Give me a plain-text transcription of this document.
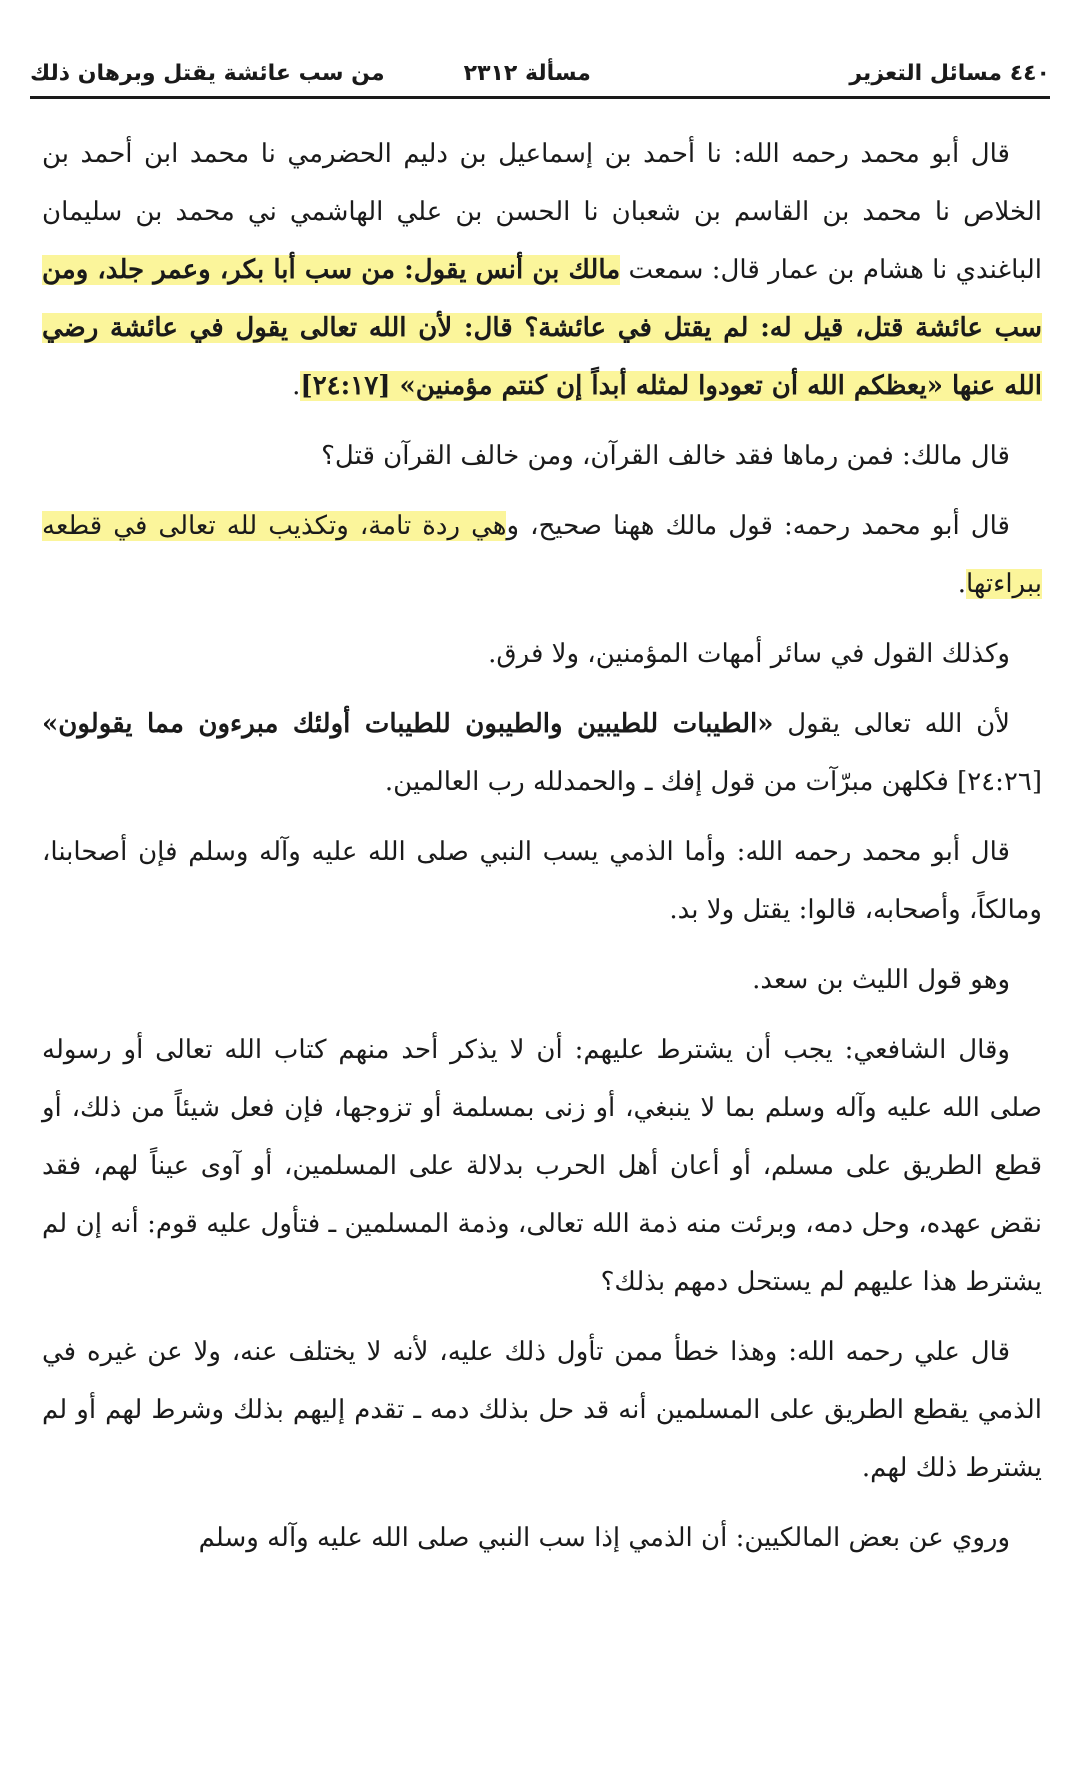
من سب عائشة يقتل وبرهان ذلك	مسألة ٢٣١٢	٤٤٠ مسائل التعزير

قال أبو محمد رحمه الله: نا أحمد بن إسماعيل بن دليم الحضرمي نا محمد ابن أحمد بن الخلاص نا محمد بن القاسم بن شعبان نا الحسن بن علي الهاشمي ني محمد بن سليمان الباغندي نا هشام بن عمار قال: سمعت مالك بن أنس يقول: من سب أبا بكر، وعمر جلد، ومن سب عائشة قتل، قيل له: لم يقتل في عائشة؟ قال: لأن الله تعالى يقول في عائشة رضي الله عنها «يعظكم الله أن تعودوا لمثله أبداً إن كنتم مؤمنين» [٢٤:١٧].

قال مالك: فمن رماها فقد خالف القرآن، ومن خالف القرآن قتل؟

قال أبو محمد رحمه: قول مالك ههنا صحيح، وهي ردة تامة، وتكذيب لله تعالى في قطعه ببراءتها.

وكذلك القول في سائر أمهات المؤمنين، ولا فرق.

لأن الله تعالى يقول «الطيبات للطيبين والطيبون للطيبات أولئك مبرءون مما يقولون» [٢٤:٢٦] فكلهن مبرّآت من قول إفك ـ والحمدلله رب العالمين.

قال أبو محمد رحمه الله: وأما الذمي يسب النبي صلى الله عليه وآله وسلم فإن أصحابنا، ومالكاً، وأصحابه، قالوا: يقتل ولا بد.

وهو قول الليث بن سعد.

وقال الشافعي: يجب أن يشترط عليهم: أن لا يذكر أحد منهم كتاب الله تعالى أو رسوله صلى الله عليه وآله وسلم بما لا ينبغي، أو زنى بمسلمة أو تزوجها، فإن فعل شيئاً من ذلك، أو قطع الطريق على مسلم، أو أعان أهل الحرب بدلالة على المسلمين، أو آوى عيناً لهم، فقد نقض عهده، وحل دمه، وبرئت منه ذمة الله تعالى، وذمة المسلمين ـ فتأول عليه قوم: أنه إن لم يشترط هذا عليهم لم يستحل دمهم بذلك؟

قال علي رحمه الله: وهذا خطأ ممن تأول ذلك عليه، لأنه لا يختلف عنه، ولا عن غيره في الذمي يقطع الطريق على المسلمين أنه قد حل بذلك دمه ـ تقدم إليهم بذلك وشرط لهم أو لم يشترط ذلك لهم.

وروي عن بعض المالكيين: أن الذمي إذا سب النبي صلى الله عليه وآله وسلم
